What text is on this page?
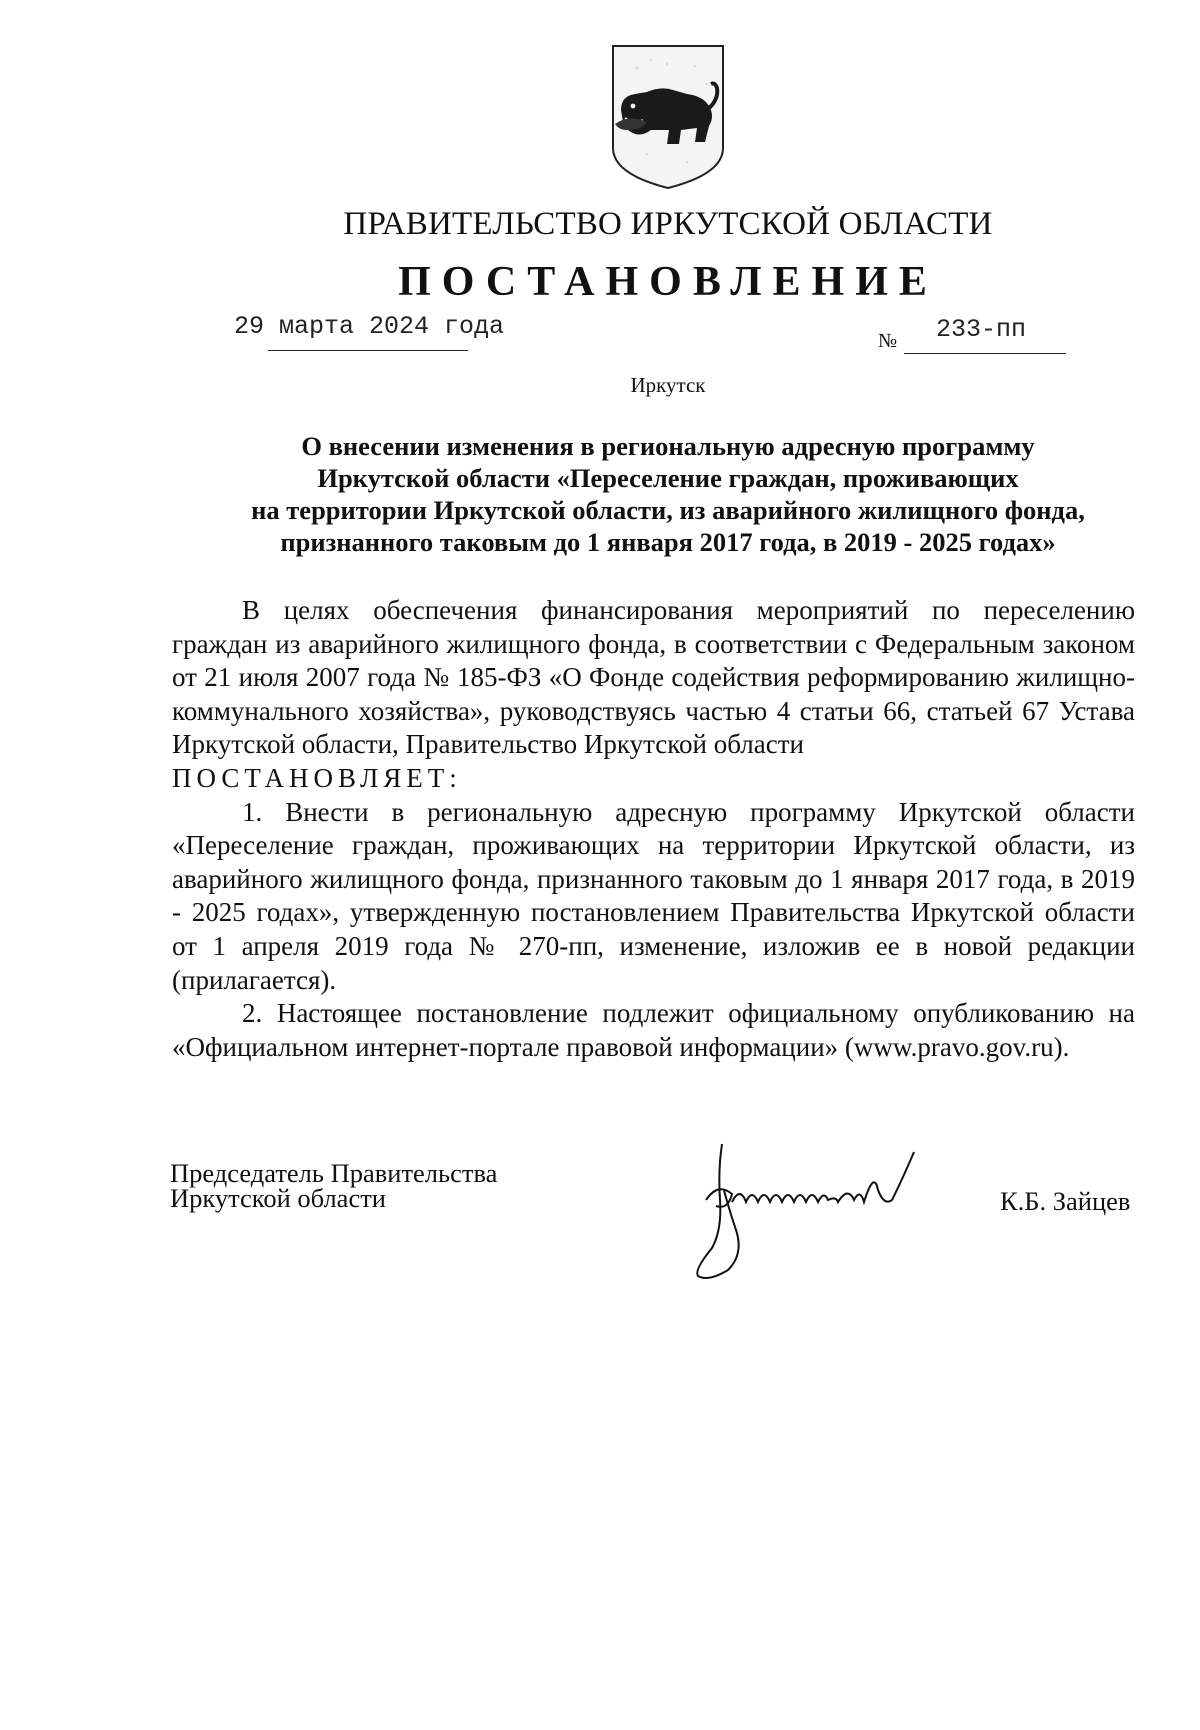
ПРАВИТЕЛЬСТВО ИРКУТСКОЙ ОБЛАСТИ
ПОСТАНОВЛЕНИЕ
29 марта 2024 года	№ 233-пп
Иркутск
О внесении изменения в региональную адресную программу
Иркутской области «Переселение граждан, проживающих
на территории Иркутской области, из аварийного жилищного фонда,
признанного таковым до 1 января 2017 года, в 2019 - 2025 годах»

В целях обеспечения финансирования мероприятий по переселению граждан из аварийного жилищного фонда, в соответствии с Федеральным законом от 21 июля 2007 года № 185-ФЗ «О Фонде содействия реформированию жилищно-коммунального хозяйства», руководствуясь частью 4 статьи 66, статьей 67 Устава Иркутской области, Правительство Иркутской области

ПОСТАНОВЛЯЕТ:

1. Внести в региональную адресную программу Иркутской области «Переселение граждан, проживающих на территории Иркутской области, из аварийного жилищного фонда, признанного таковым до 1 января 2017 года, в 2019 - 2025 годах», утвержденную постановлением Правительства Иркутской области от 1 апреля 2019 года № 270-пп, изменение, изложив ее в новой редакции (прилагается).

2. Настоящее постановление подлежит официальному опубликованию на «Официальном интернет-портале правовой информации» (www.pravo.gov.ru).

Председатель Правительства
Иркутской области	К.Б. Зайцев
